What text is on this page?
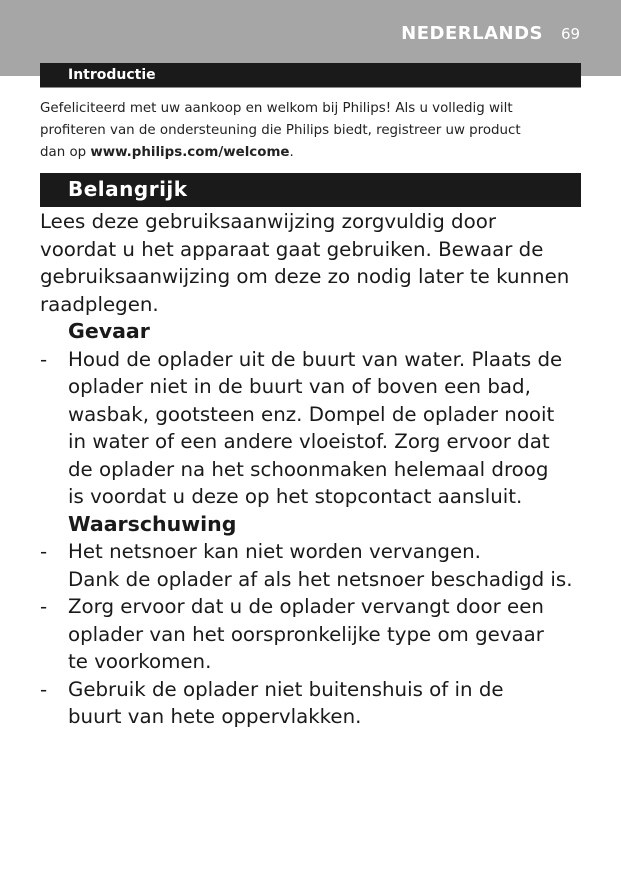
NEDERLANDS 69
Introductie
Gefeliciteerd met uw aankoop en welkom bij Philips! Als u volledig wilt
profiteren van de ondersteuning die Philips biedt, registreer uw product
dan op www.philips.com/welcome.
Belangrijk
Lees deze gebruiksaanwijzing zorgvuldig door
voordat u het apparaat gaat gebruiken. Bewaar de
gebruiksaanwijzing om deze zo nodig later te kunnen
raadplegen.
Gevaar
- Houd de oplader uit de buurt van water. Plaats de
oplader niet in de buurt van of boven een bad,
wasbak, gootsteen enz. Dompel de oplader nooit
in water of een andere vloeistof. Zorg ervoor dat
de oplader na het schoonmaken helemaal droog
is voordat u deze op het stopcontact aansluit.
Waarschuwing
- Het netsnoer kan niet worden vervangen.
Dank de oplader af als het netsnoer beschadigd is.
- Zorg ervoor dat u de oplader vervangt door een
oplader van het oorspronkelijke type om gevaar
te voorkomen.
- Gebruik de oplader niet buitenshuis of in de
buurt van hete oppervlakken.
